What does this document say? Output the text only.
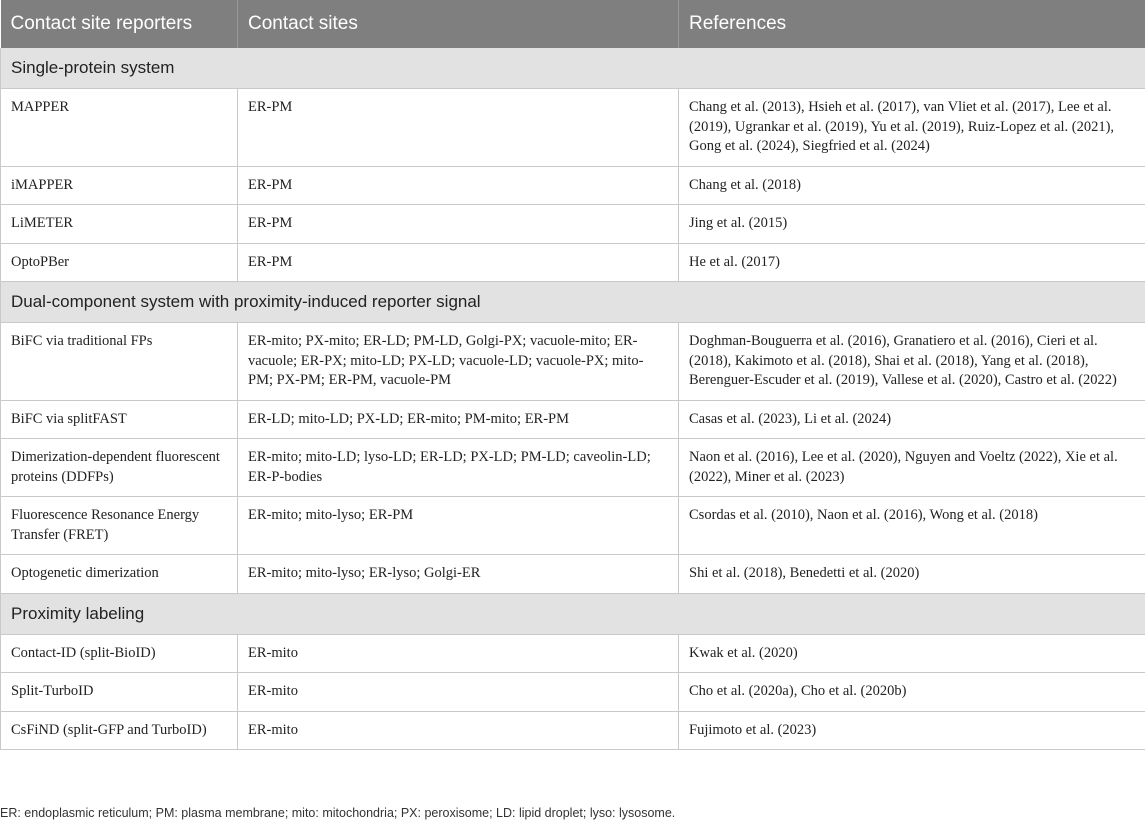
Contact site reporters	Contact sites	References
Single-protein system		
MAPPER	ER-PM	Chang et al. (2013), Hsieh et al. (2017), van Vliet et al. (2017), Lee et al. (2019), Ugrankar et al. (2019), Yu et al. (2019), Ruiz-Lopez et al. (2021), Gong et al. (2024), Siegfried et al. (2024)
iMAPPER	ER-PM	Chang et al. (2018)
LiMETER	ER-PM	Jing et al. (2015)
OptoPBer	ER-PM	He et al. (2017)
Dual-component system with proximity-induced reporter signal		
BiFC via traditional FPs	ER-mito; PX-mito; ER-LD; PM-LD, Golgi-PX; vacuole-mito; ER-vacuole; ER-PX; mito-LD; PX-LD; vacuole-LD; vacuole-PX; mito-PM; PX-PM; ER-PM, vacuole-PM	Doghman-Bouguerra et al. (2016), Granatiero et al. (2016), Cieri et al. (2018), Kakimoto et al. (2018), Shai et al. (2018), Yang et al. (2018), Berenguer-Escuder et al. (2019), Vallese et al. (2020), Castro et al. (2022)
BiFC via splitFAST	ER-LD; mito-LD; PX-LD; ER-mito; PM-mito; ER-PM	Casas et al. (2023), Li et al. (2024)
Dimerization-dependent fluorescent proteins (DDFPs)	ER-mito; mito-LD; lyso-LD; ER-LD; PX-LD; PM-LD; caveolin-LD; ER-P-bodies	Naon et al. (2016), Lee et al. (2020), Nguyen and Voeltz (2022), Xie et al. (2022), Miner et al. (2023)
Fluorescence Resonance Energy Transfer (FRET)	ER-mito; mito-lyso; ER-PM	Csordas et al. (2010), Naon et al. (2016), Wong et al. (2018)
Optogenetic dimerization	ER-mito; mito-lyso; ER-lyso; Golgi-ER	Shi et al. (2018), Benedetti et al. (2020)
Proximity labeling		
Contact-ID (split-BioID)	ER-mito	Kwak et al. (2020)
Split-TurboID	ER-mito	Cho et al. (2020a), Cho et al. (2020b)
CsFiND (split-GFP and TurboID)	ER-mito	Fujimoto et al. (2023)
ER: endoplasmic reticulum; PM: plasma membrane; mito: mitochondria; PX: peroxisome; LD: lipid droplet; lyso: lysosome.
